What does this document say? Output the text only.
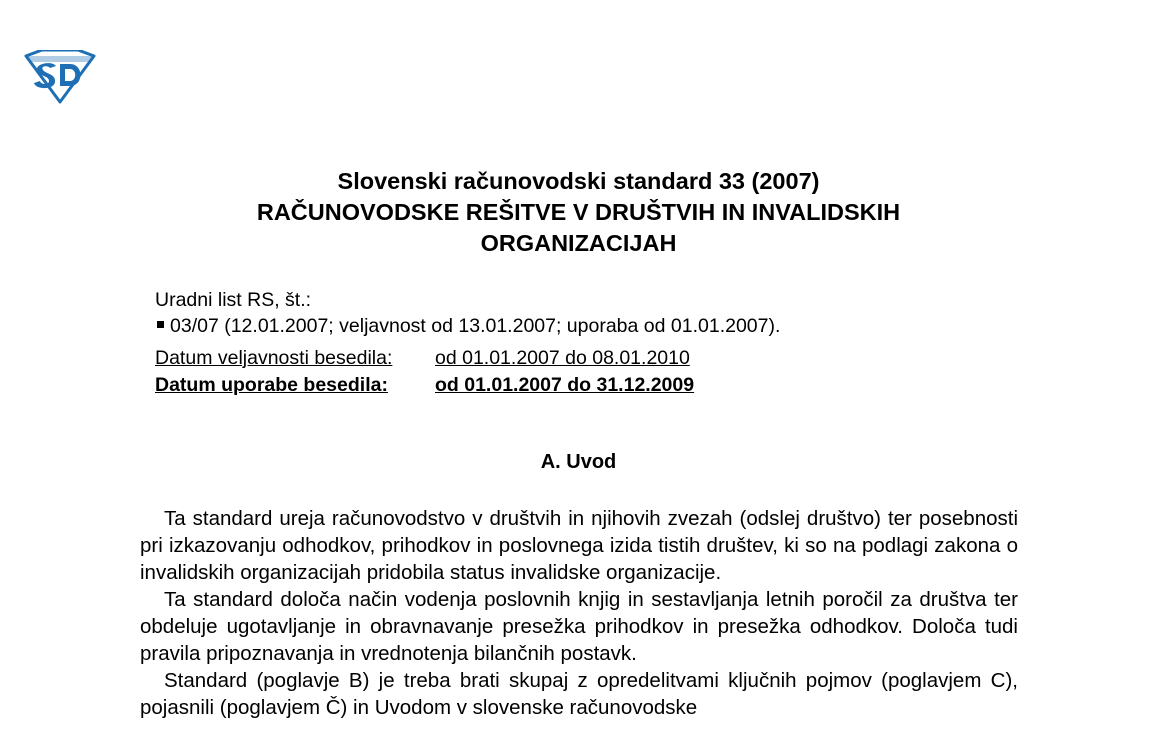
Slovenski računovodski standard 33 (2007)
RAČUNOVODSKE REŠITVE V DRUŠTVIH IN INVALIDSKIH
ORGANIZACIJAH
Uradni list RS, št.:
03/07 (12.01.2007; veljavnost od 13.01.2007; uporaba od 01.01.2007).
Datum veljavnosti besedila:	od 01.01.2007 do 08.01.2010
Datum uporabe besedila:	od 01.01.2007 do 31.12.2009
A. Uvod

Ta standard ureja računovodstvo v društvih in njihovih zvezah (odslej društvo) ter posebnosti pri izkazovanju odhodkov, prihodkov in poslovnega izida tistih društev, ki so na podlagi zakona o invalidskih organizacijah pridobila status invalidske organizacije.

Ta standard določa način vodenja poslovnih knjig in sestavljanja letnih poročil za društva ter obdeluje ugotavljanje in obravnavanje presežka prihodkov in presežka odhodkov. Določa tudi pravila pripoznavanja in vrednotenja bilančnih postavk.

Standard (poglavje B) je treba brati skupaj z opredelitvami ključnih pojmov (poglavjem C), pojasnili (poglavjem Č) in Uvodom v slovenske računovodske
